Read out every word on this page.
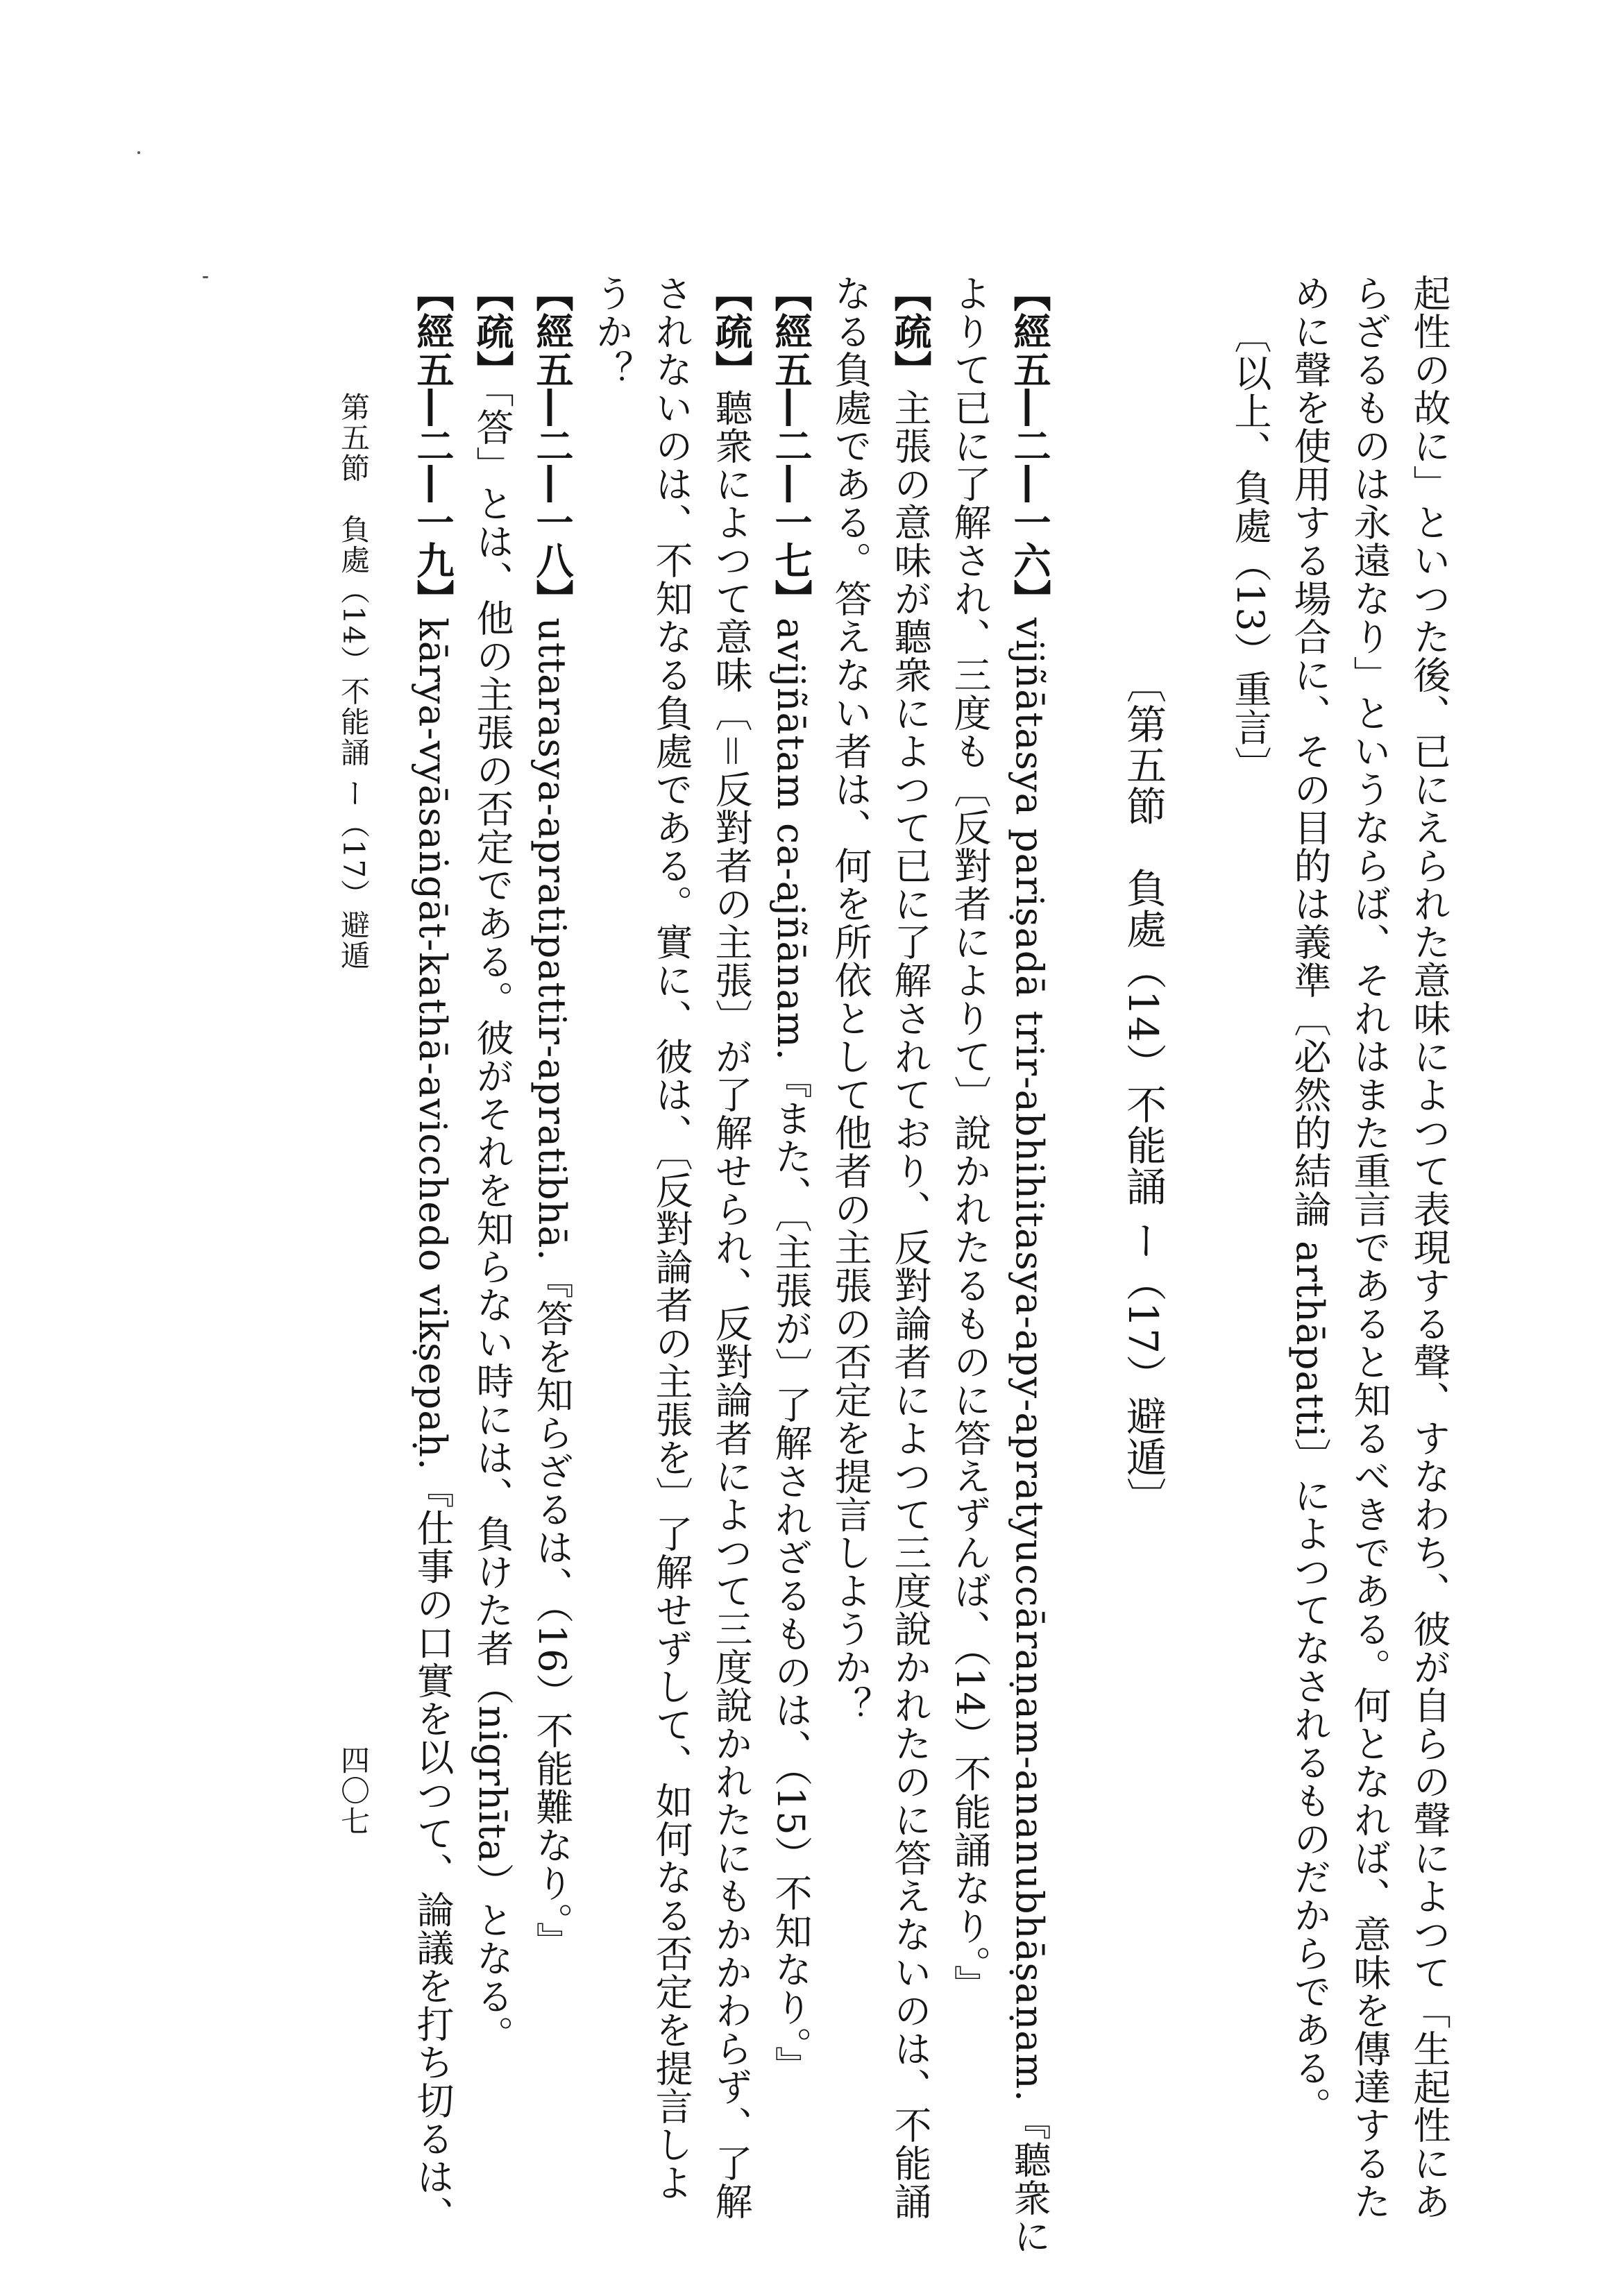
起性の故に」といつた後、已にえられた意味によつて表現する聲、すなわち、彼が自らの聲によつて「生起性にあ
らざるものは永遠なり」というならば、それはまた重言であると知るべきである。何となれば、意味を傳達するた
めに聲を使用する場合に、その目的は義準〔必然的結論 arthāpatti〕によつてなされるものだからである。
〔以上、負處（13）重言〕
〔第五節　負處（14）不能誦 ー（17）避遁〕
【經五―二―一六】vijñātasya pariṣadā trir-abhihitasya-apy-apratyuccāraṇam-ananubhāṣaṇam.『聽衆に
よりて已に了解され、三度も〔反對者によりて〕說かれたるものに答えずんば、（14）不能誦なり。』
【疏】主張の意味が聽衆によつて已に了解されており、反對論者によつて三度說かれたのに答えないのは、不能誦
なる負處である。答えない者は、何を所依として他者の主張の否定を提言しようか？
【經五―二―一七】avijñātam ca-ajñānam.『また、〔主張が〕了解されざるものは、（15）不知なり。』
【疏】聽衆によつて意味〔＝反對者の主張〕が了解せられ、反對論者によつて三度說かれたにもかかわらず、了解
されないのは、不知なる負處である。實に、彼は、〔反對論者の主張を〕了解せずして、如何なる否定を提言しよ
うか？
【經五―二―一八】uttarasya-apratipattir-apratibhā.『答を知らざるは、（16）不能難なり。』
【疏】「答」とは、他の主張の否定である。彼がそれを知らない時には、負けた者（nigrhīta）となる。
【經五―二―一九】kārya-vyāsaṅgāt-kathā-avicchedo vikṣepaḥ.『仕事の口實を以つて、論議を打ち切るは、
第五節　負處（14）不能誦 ー（17）避遁
四〇七
